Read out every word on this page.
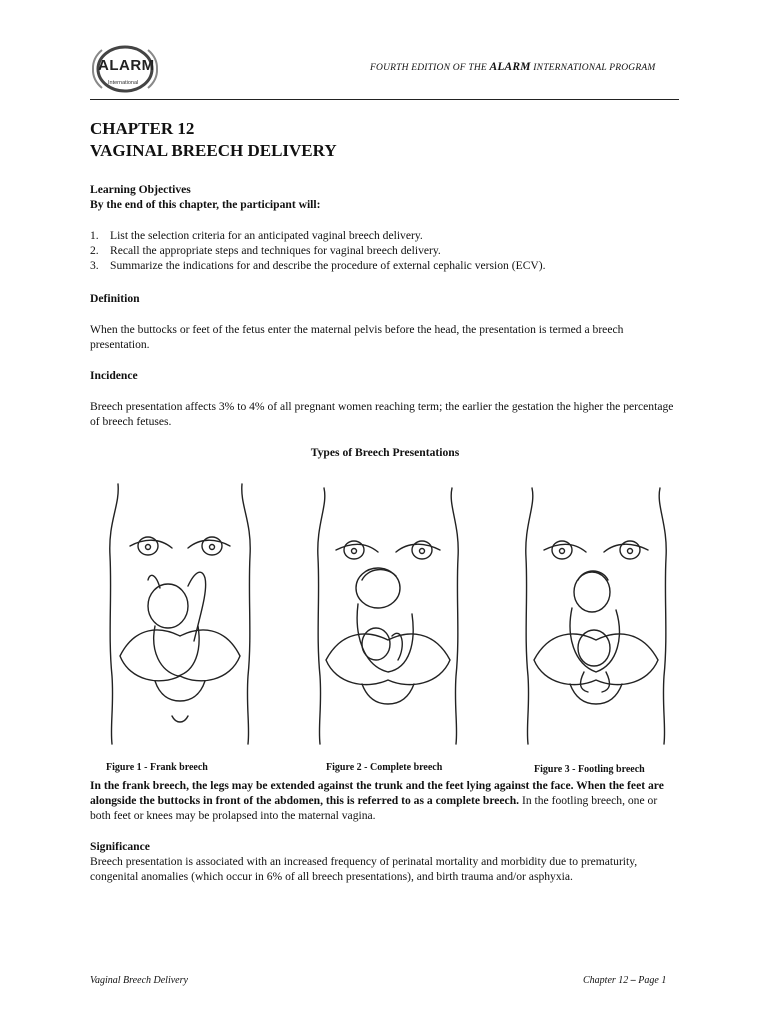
ALARM
International
FOURTH EDITION OF THE ALARM INTERNATIONAL PROGRAM
CHAPTER 12
VAGINAL BREECH DELIVERY

Learning Objectives

By the end of this chapter, the participant will:

1. List the selection criteria for an anticipated vaginal breech delivery.
2. Recall the appropriate steps and techniques for vaginal breech delivery.
3. Summarize the indications for and describe the procedure of external cephalic version (ECV).

Definition

When the buttocks or feet of the fetus enter the maternal pelvis before the head, the presentation is termed a breech presentation.

Incidence

Breech presentation affects 3% to 4% of all pregnant women reaching term; the earlier the gestation the higher the percentage of breech fetuses.

Types of Breech Presentations

Figure 1 - Frank breech	Figure 2 - Complete breech	Figure 3 - Footling breech

In the frank breech, the legs may be extended against the trunk and the feet lying against the face. When the feet are alongside the buttocks in front of the abdomen, this is referred to as a complete breech. In the footling breech, one or both feet or knees may be prolapsed into the maternal vagina.

Significance

Breech presentation is associated with an increased frequency of perinatal mortality and morbidity due to prematurity, congenital anomalies (which occur in 6% of all breech presentations), and birth trauma and/or asphyxia.

Vaginal Breech Delivery	Chapter 12 – Page 1
